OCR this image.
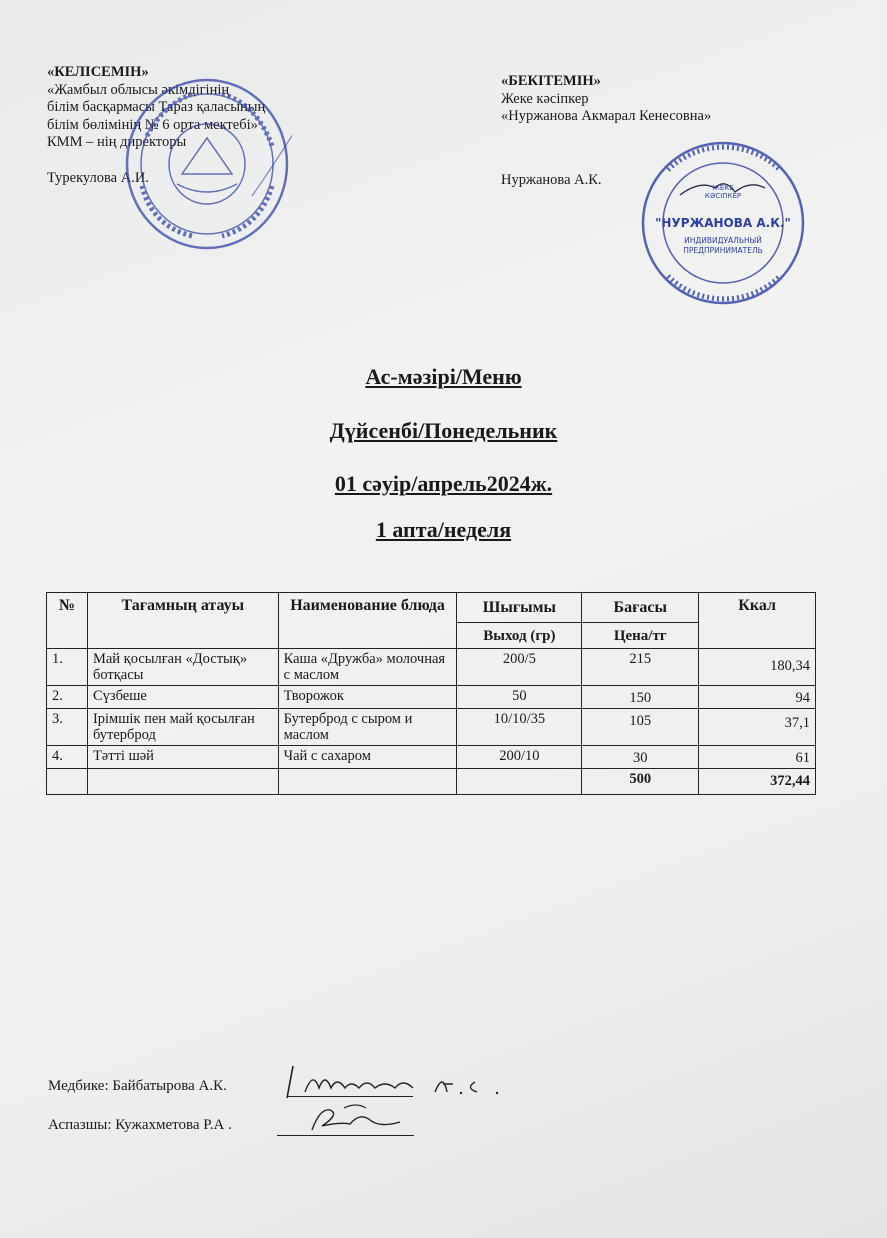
«КЕЛІСЕМІН»
«Жамбыл облысы әкімдігінің
білім басқармасы Тараз қаласының
білім бөлімінің № 6 орта мектебі»
КММ – нің директоры
Турекулова А.И.
«БЕКІТЕМІН»
Жеке кәсіпкер
«Нуржанова Акмарал Кенесовна»
Нуржанова А.К.
ЖЕКЕ
КӘСІПКЕР
"НУРЖАНОВА А.К."
ИНДИВИДУАЛЬНЫЙ
ПРЕДПРИНИМАТЕЛЬ
Ас-мәзірі/Меню
Дүйсенбі/Понедельник
01 сәуір/апрель2024ж.
1 апта/неделя
№	Тағамның атауы	Наименование блюда	Шығымы	Бағасы	Ккал
			Выход (гр)	Цена/тг	
1.	Май қосылған «Достық» ботқасы	Каша «Дружба» молочная с маслом	200/5	215	180,34
2.	Сүзбеше	Творожок	50	150	94
3.	Ірімшік пен май қосылған бутерброд	Бутерброд с сыром и маслом	10/10/35	105	37,1
4.	Тәтті шәй	Чай с сахаром	200/10	30	61
				500	372,44
Медбике: Байбатырова А.К.
Аспазшы: Кужахметова Р.А .
